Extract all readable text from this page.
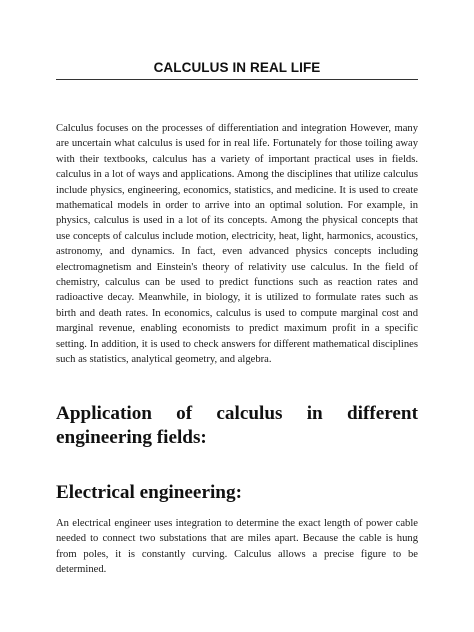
CALCULUS IN REAL LIFE

Calculus focuses on the processes of differentiation and integration However, many are uncertain what calculus is used for in real life. Fortunately for those toiling away with their textbooks, calculus has a variety of important practical uses in fields. calculus in a lot of ways and applications. Among the disciplines that utilize calculus include physics, engineering, economics, statistics, and medicine. It is used to create mathematical models in order to arrive into an optimal solution. For example, in physics, calculus is used in a lot of its concepts. Among the physical concepts that use concepts of calculus include motion, electricity, heat, light, harmonics, acoustics, astronomy, and dynamics. In fact, even advanced physics concepts including electromagnetism and Einstein's theory of relativity use calculus. In the field of chemistry, calculus can be used to predict functions such as reaction rates and radioactive decay. Meanwhile, in biology, it is utilized to formulate rates such as birth and death rates. In economics, calculus is used to compute marginal cost and marginal revenue, enabling economists to predict maximum profit in a specific setting. In addition, it is used to check answers for different mathematical disciplines such as statistics, analytical geometry, and algebra.

Application of calculus in different engineering fields:
Electrical engineering:

An electrical engineer uses integration to determine the exact length of power cable needed to connect two substations that are miles apart. Because the cable is hung from poles, it is constantly curving. Calculus allows a precise figure to be determined.
